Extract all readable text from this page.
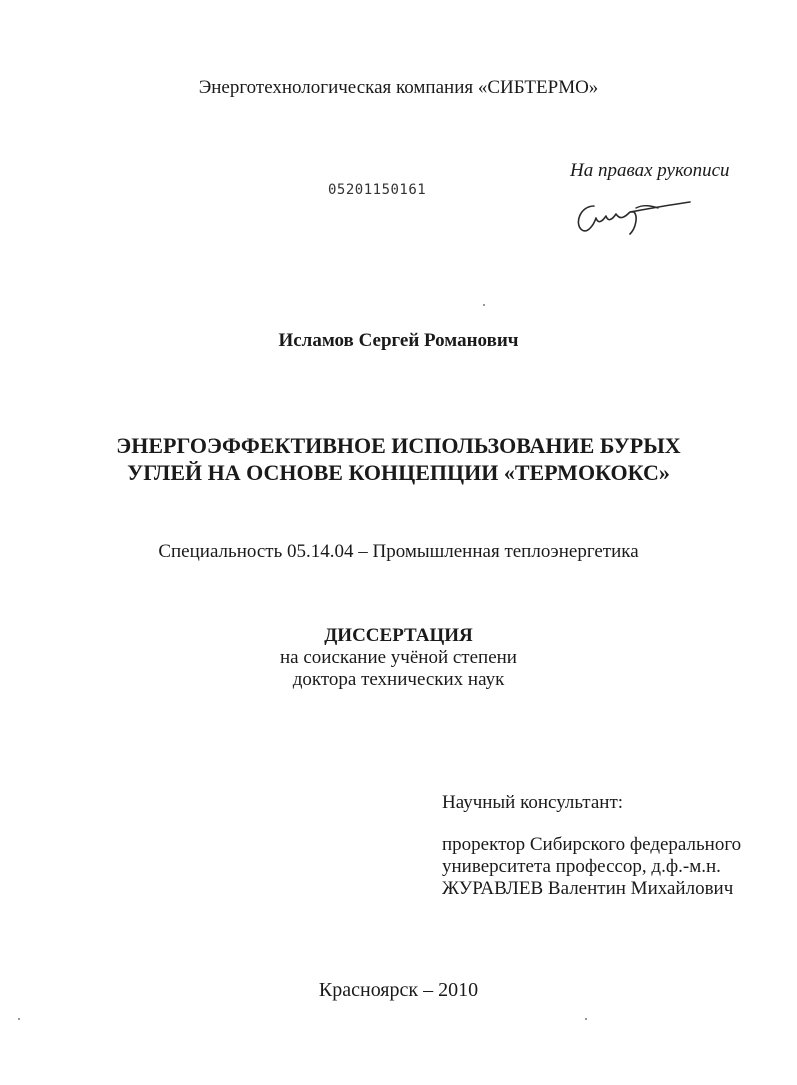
Энерготехнологическая компания «СИБТЕРМО»
05201150161
На правах рукописи
Исламов Сергей Романович
ЭНЕРГОЭФФЕКТИВНОЕ ИСПОЛЬЗОВАНИЕ БУРЫХ
УГЛЕЙ НА ОСНОВЕ КОНЦЕПЦИИ «ТЕРМОКОКС»
Специальность 05.14.04 – Промышленная теплоэнергетика
ДИССЕРТАЦИЯ
на соискание учёной степени
доктора технических наук
Научный консультант:
проректор Сибирского федерального
университета профессор, д.ф.-м.н.
ЖУРАВЛЕВ Валентин Михайлович
Красноярск – 2010
